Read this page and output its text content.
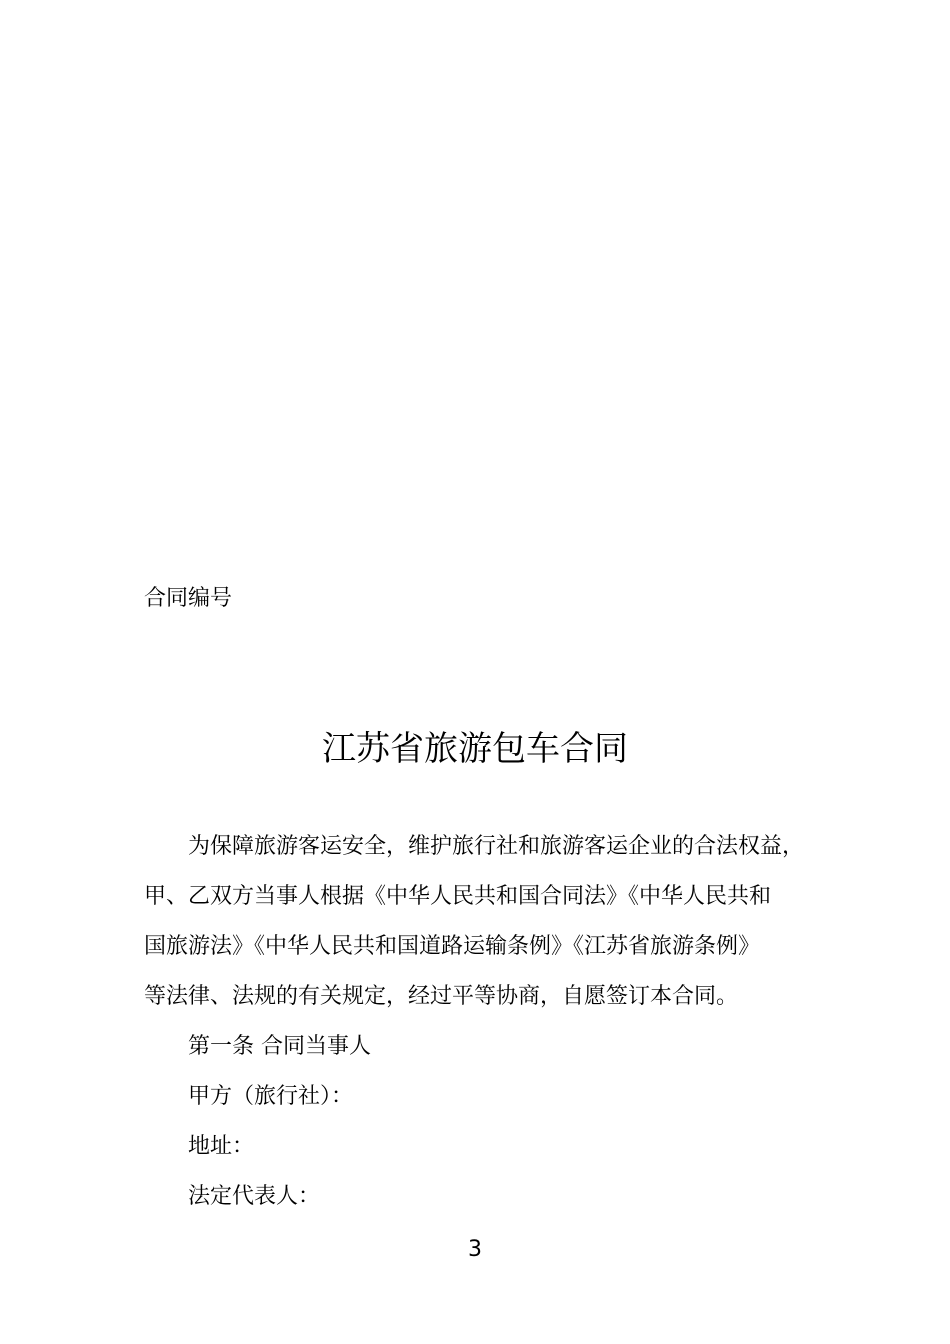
合同编号
江苏省旅游包车合同
为保障旅游客运安全，维护旅行社和旅游客运企业的合法权益，
甲、乙双方当事人根据《中华人民共和国合同法》《中华人民共和
国旅游法》《中华人民共和国道路运输条例》《江苏省旅游条例》
等法律、法规的有关规定，经过平等协商，自愿签订本合同。
第一条 合同当事人
甲方（旅行社）：
地址：
法定代表人：
3
